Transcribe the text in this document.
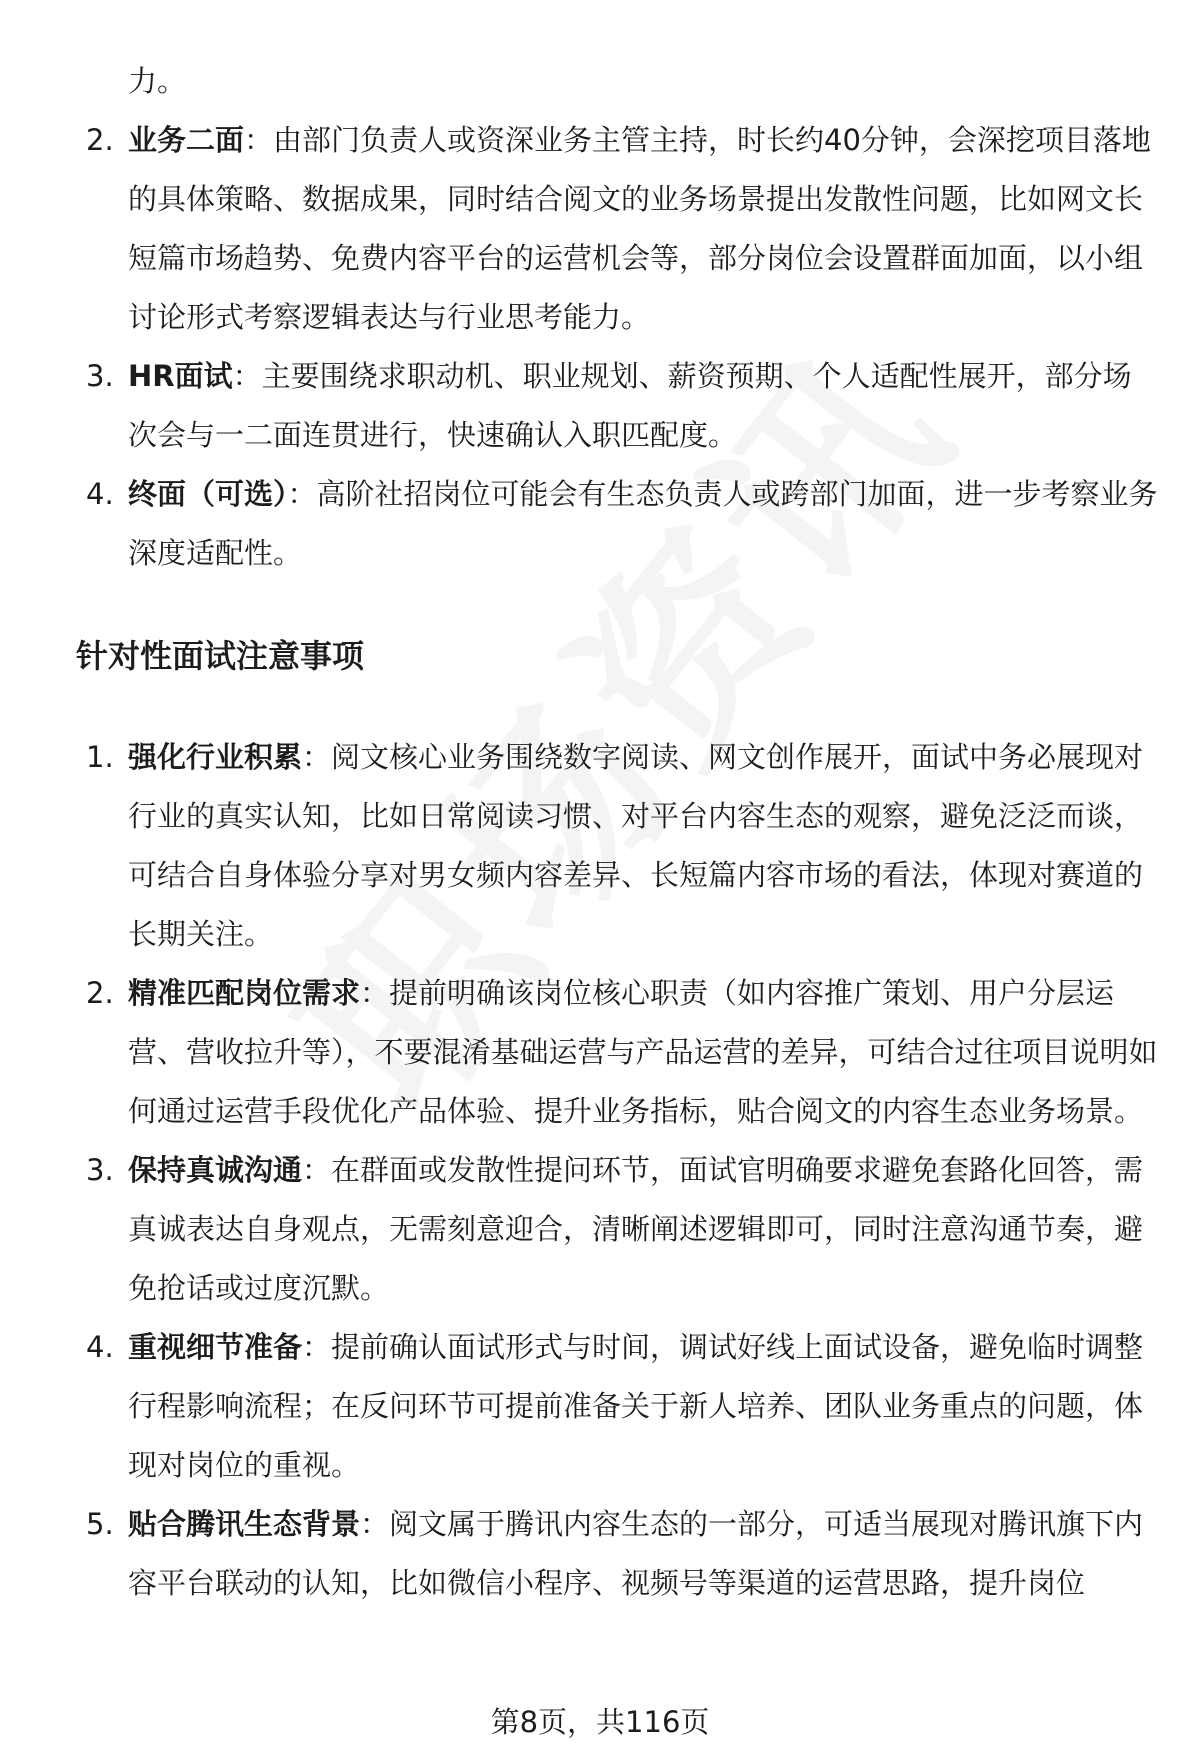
力。
2. 业务二面：由部门负责人或资深业务主管主持，时长约40分钟，会深挖项目落地的具体策略、数据成果，同时结合阅文的业务场景提出发散性问题，比如网文长短篇市场趋势、免费内容平台的运营机会等，部分岗位会设置群面加面，以小组讨论形式考察逻辑表达与行业思考能力。
3. HR面试：主要围绕求职动机、职业规划、薪资预期、个人适配性展开，部分场次会与一二面连贯进行，快速确认入职匹配度。
4. 终面（可选）：高阶社招岗位可能会有生态负责人或跨部门加面，进一步考察业务深度适配性。
针对性面试注意事项
1. 强化行业积累：阅文核心业务围绕数字阅读、网文创作展开，面试中务必展现对行业的真实认知，比如日常阅读习惯、对平台内容生态的观察，避免泛泛而谈，可结合自身体验分享对男女频内容差异、长短篇内容市场的看法，体现对赛道的长期关注。
2. 精准匹配岗位需求：提前明确该岗位核心职责（如内容推广策划、用户分层运营、营收拉升等），不要混淆基础运营与产品运营的差异，可结合过往项目说明如何通过运营手段优化产品体验、提升业务指标，贴合阅文的内容生态业务场景。
3. 保持真诚沟通：在群面或发散性提问环节，面试官明确要求避免套路化回答，需真诚表达自身观点，无需刻意迎合，清晰阐述逻辑即可，同时注意沟通节奏，避免抢话或过度沉默。
4. 重视细节准备：提前确认面试形式与时间，调试好线上面试设备，避免临时调整行程影响流程；在反问环节可提前准备关于新人培养、团队业务重点的问题，体现对岗位的重视。
5. 贴合腾讯生态背景：阅文属于腾讯内容生态的一部分，可适当展现对腾讯旗下内容平台联动的认知，比如微信小程序、视频号等渠道的运营思路，提升岗位
第8页，共116页
